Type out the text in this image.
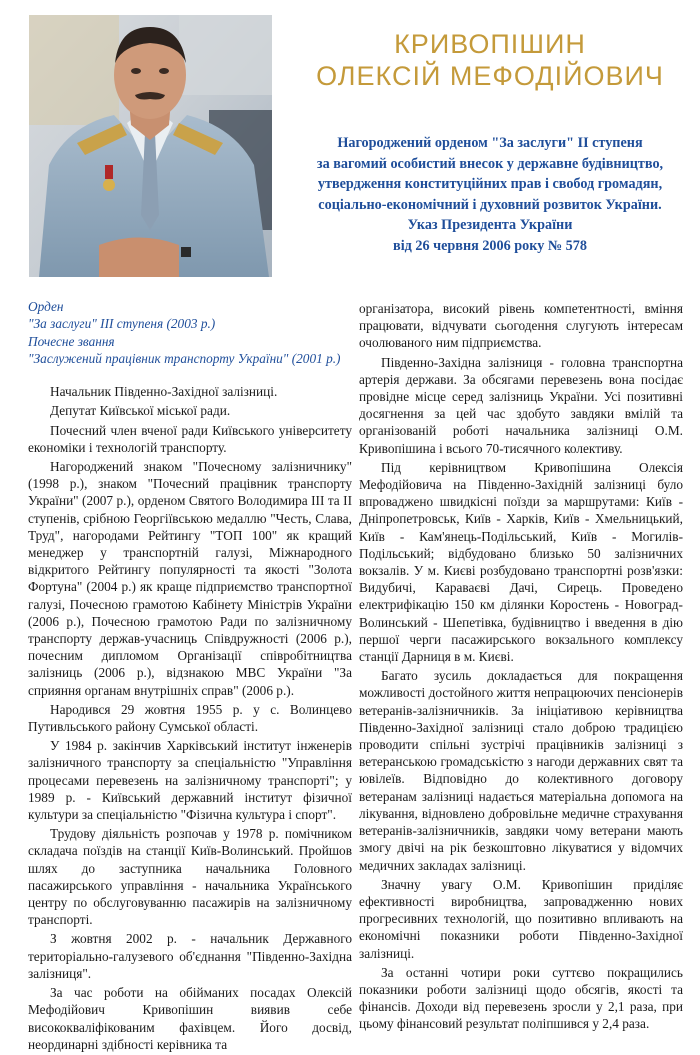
КРИВОПІШИН
ОЛЕКСІЙ МЕФОДІЙОВИЧ
Нагороджений орденом "За заслуги" ІІ ступеня
за вагомий особистий внесок у державне будівництво,
утвердження конституційних прав і свобод громадян,
соціально-економічний і духовний розвиток України.
Указ Президента України
від 26 червня 2006 року № 578
Орден
"За заслуги" ІІІ ступеня (2003 р.)
Почесне звання
"Заслужений працівник транспорту України" (2001 р.)

Начальник Південно-Західної залізниці.

Депутат Київської міської ради.

Почесний член вченої ради Київського університету економіки і технологій транспорту.

Нагороджений знаком "Почесному залізничнику" (1998 р.), знаком "Почесний працівник транспорту України" (2007 р.), орденом Святого Володимира ІІІ та ІІ ступенів, срібною Георгіївською медаллю "Честь, Слава, Труд", нагородами Рейтингу "ТОП 100" як кращий менеджер у транспортній галузі, Міжнародного відкритого Рейтингу популярності та якості "Золота Фортуна" (2004 р.) як краще підприємство транспортної галузі, Почесною грамотою Кабінету Міністрів України (2006 р.), Почесною грамотою Ради по залізничному транспорту держав-учасниць Співдружності (2006 р.), почесним дипломом Організації співробітництва залізниць (2006 р.), відзнакою МВС України "За сприяння органам внутрішніх справ" (2006 р.).

Народився 29 жовтня 1955 р. у с. Волинцево Путивльського району Сумської області.

У 1984 р. закінчив Харківський інститут інженерів залізничного транспорту за спеціальністю "Управління процесами перевезень на залізничному транспорті"; у 1989 р. - Київський державний інститут фізичної культури за спеціальністю "Фізична культура і спорт".

Трудову діяльність розпочав у 1978 р. помічником складача поїздів на станції Київ-Волинський. Пройшов шлях до заступника начальника Головного пасажирського управління - начальника Українського центру по обслуговуванню пасажирів на залізничному транспорті.

З жовтня 2002 р. - начальник Державного територіально-галузевого об'єднання "Південно-Західна залізниця".

За час роботи на обійманих посадах Олексій Мефодійович Кривопішин виявив себе висококваліфікованим фахівцем. Його досвід, неординарні здібності керівника та

організатора, високий рівень компетентності, вміння працювати, відчувати сьогодення слугують інтересам очолюваного ним підприємства.

Південно-Західна залізниця - головна транспортна артерія держави. За обсягами перевезень вона посідає провідне місце серед залізниць України. Усі позитивні досягнення за цей час здобуто завдяки вмілій та організованій роботі начальника залізниці О.М. Кривопішина і всього 70-тисячного колективу.

Під керівництвом Кривопішина Олексія Мефодійовича на Південно-Західній залізниці було впроваджено швидкісні поїзди за маршрутами: Київ - Дніпропетровськ, Київ - Харків, Київ - Хмельницький, Київ - Кам'янець-Подільський, Київ - Могилів-Подільський; відбудовано близько 50 залізничних вокзалів. У м. Києві розбудовано транспортні розв'язки: Видубичі, Караваєві Дачі, Сирець. Проведено електрифікацію 150 км ділянки Коростень - Новоград-Волинський - Шепетівка, будівництво і введення в дію першої черги пасажирського вокзального комплексу станції Дарниця в м. Києві.

Багато зусиль докладається для покращення можливості достойного життя непрацюючих пенсіонерів ветеранів-залізничників. За ініціативою керівництва Південно-Західної залізниці стало доброю традицією проводити спільні зустрічі працівників залізниці з ветеранською громадськістю з нагоди державних свят та ювілеїв. Відповідно до колективного договору ветеранам залізниці надається матеріальна допомога на лікування, відновлено добровільне медичне страхування ветеранів-залізничників, завдяки чому ветерани мають змогу двічі на рік безкоштовно лікуватися у відомчих медичних закладах залізниці.

Значну увагу О.М. Кривопішин приділяє ефективності виробництва, запровадженню нових прогресивних технологій, що позитивно впливають на економічні показники роботи Південно-Західної залізниці.

За останні чотири роки суттєво покращились показники роботи залізниці щодо обсягів, якості та фінансів. Доходи від перевезень зросли у 2,1 раза, при цьому фінансовий результат поліпшився у 2,4 раза.
